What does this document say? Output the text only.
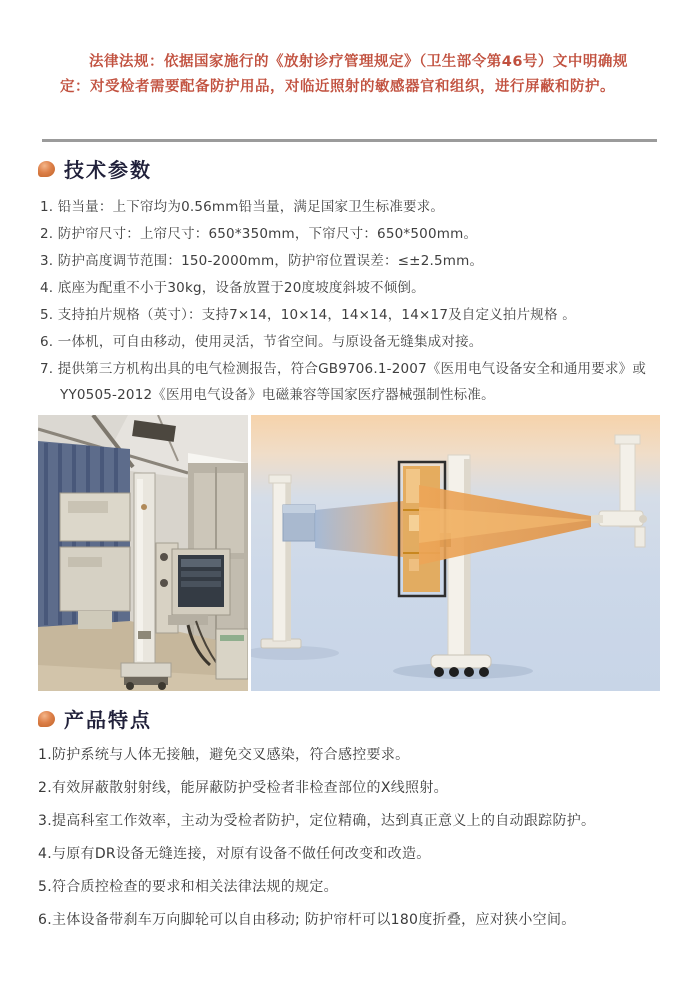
法律法规：依据国家施行的《放射诊疗管理规定》（卫生部令第46号）文中明确规定：对受检者需要配备防护用品，对临近照射的敏感器官和组织，进行屏蔽和防护。
技术参数
1. 铅当量：上下帘均为0.56mm铅当量，满足国家卫生标准要求。
2. 防护帘尺寸：上帘尺寸：650*350mm，下帘尺寸：650*500mm。
3. 防护高度调节范围：150-2000mm，防护帘位置误差：≤±2.5mm。
4. 底座为配重不小于30kg，设备放置于20度坡度斜坡不倾倒。
5. 支持拍片规格（英寸）：支持7×14，10×14，14×14，14×17及自定义拍片规格 。
6. 一体机，可自由移动，使用灵活，节省空间。与原设备无缝集成对接。
7. 提供第三方机构出具的电气检测报告，符合GB9706.1-2007《医用电气设备安全和通用要求》或YY0505-2012《医用电气设备》电磁兼容等国家医疗器械强制性标准。
产品特点
1.防护系统与人体无接触，避免交叉感染，符合感控要求。
2.有效屏蔽散射射线，能屏蔽防护受检者非检查部位的X线照射。
3.提高科室工作效率，主动为受检者防护，定位精确，达到真正意义上的自动跟踪防护。
4.与原有DR设备无缝连接，对原有设备不做任何改变和改造。
5.符合质控检查的要求和相关法律法规的规定。
6.主体设备带刹车万向脚轮可以自由移动; 防护帘杆可以180度折叠，应对狭小空间。
